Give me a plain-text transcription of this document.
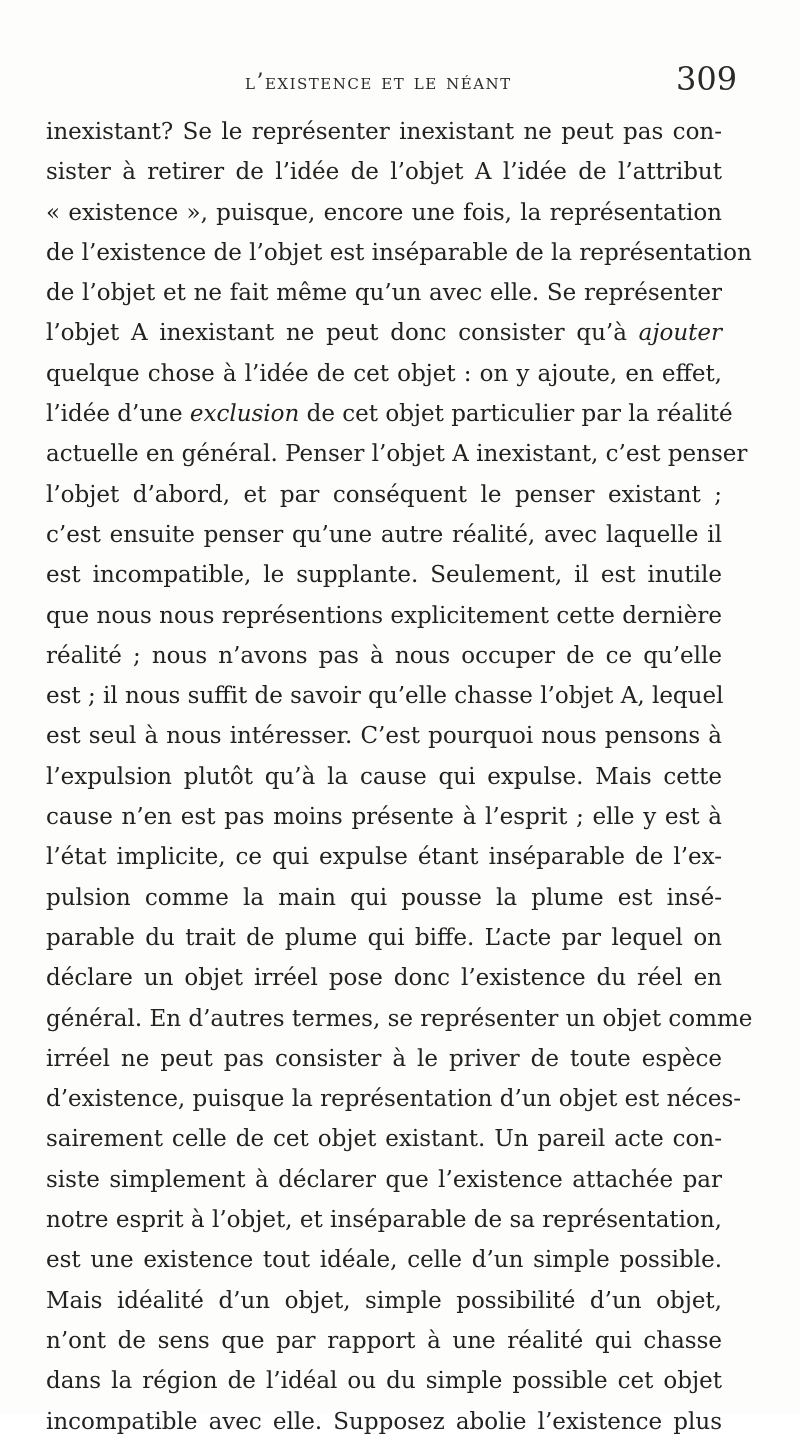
l’existence et le néant	309
inexistant? Se le représenter inexistant ne peut pas con-
sister à retirer de l’idée de l’objet A l’idée de l’attribut
« existence », puisque, encore une fois, la représentation
de l’existence de l’objet est inséparable de la représentation
de l’objet et ne fait même qu’un avec elle. Se représenter
l’objet A inexistant ne peut donc consister qu’à ajouter
quelque chose à l’idée de cet objet : on y ajoute, en effet,
l’idée d’une exclusion de cet objet particulier par la réalité
actuelle en général. Penser l’objet A inexistant, c’est penser
l’objet d’abord, et par conséquent le penser existant ;
c’est ensuite penser qu’une autre réalité, avec laquelle il
est incompatible, le supplante. Seulement, il est inutile
que nous nous représentions explicitement cette dernière
réalité ; nous n’avons pas à nous occuper de ce qu’elle
est ; il nous suffit de savoir qu’elle chasse l’objet A, lequel
est seul à nous intéresser. C’est pourquoi nous pensons à
l’expulsion plutôt qu’à la cause qui expulse. Mais cette
cause n’en est pas moins présente à l’esprit ; elle y est à
l’état implicite, ce qui expulse étant inséparable de l’ex-
pulsion comme la main qui pousse la plume est insé-
parable du trait de plume qui biffe. L’acte par lequel on
déclare un objet irréel pose donc l’existence du réel en
général. En d’autres termes, se représenter un objet comme
irréel ne peut pas consister à le priver de toute espèce
d’existence, puisque la représentation d’un objet est néces-
sairement celle de cet objet existant. Un pareil acte con-
siste simplement à déclarer que l’existence attachée par
notre esprit à l’objet, et inséparable de sa représentation,
est une existence tout idéale, celle d’un simple possible.
Mais idéalité d’un objet, simple possibilité d’un objet,
n’ont de sens que par rapport à une réalité qui chasse
dans la région de l’idéal ou du simple possible cet objet
incompatible avec elle. Supposez abolie l’existence plus
